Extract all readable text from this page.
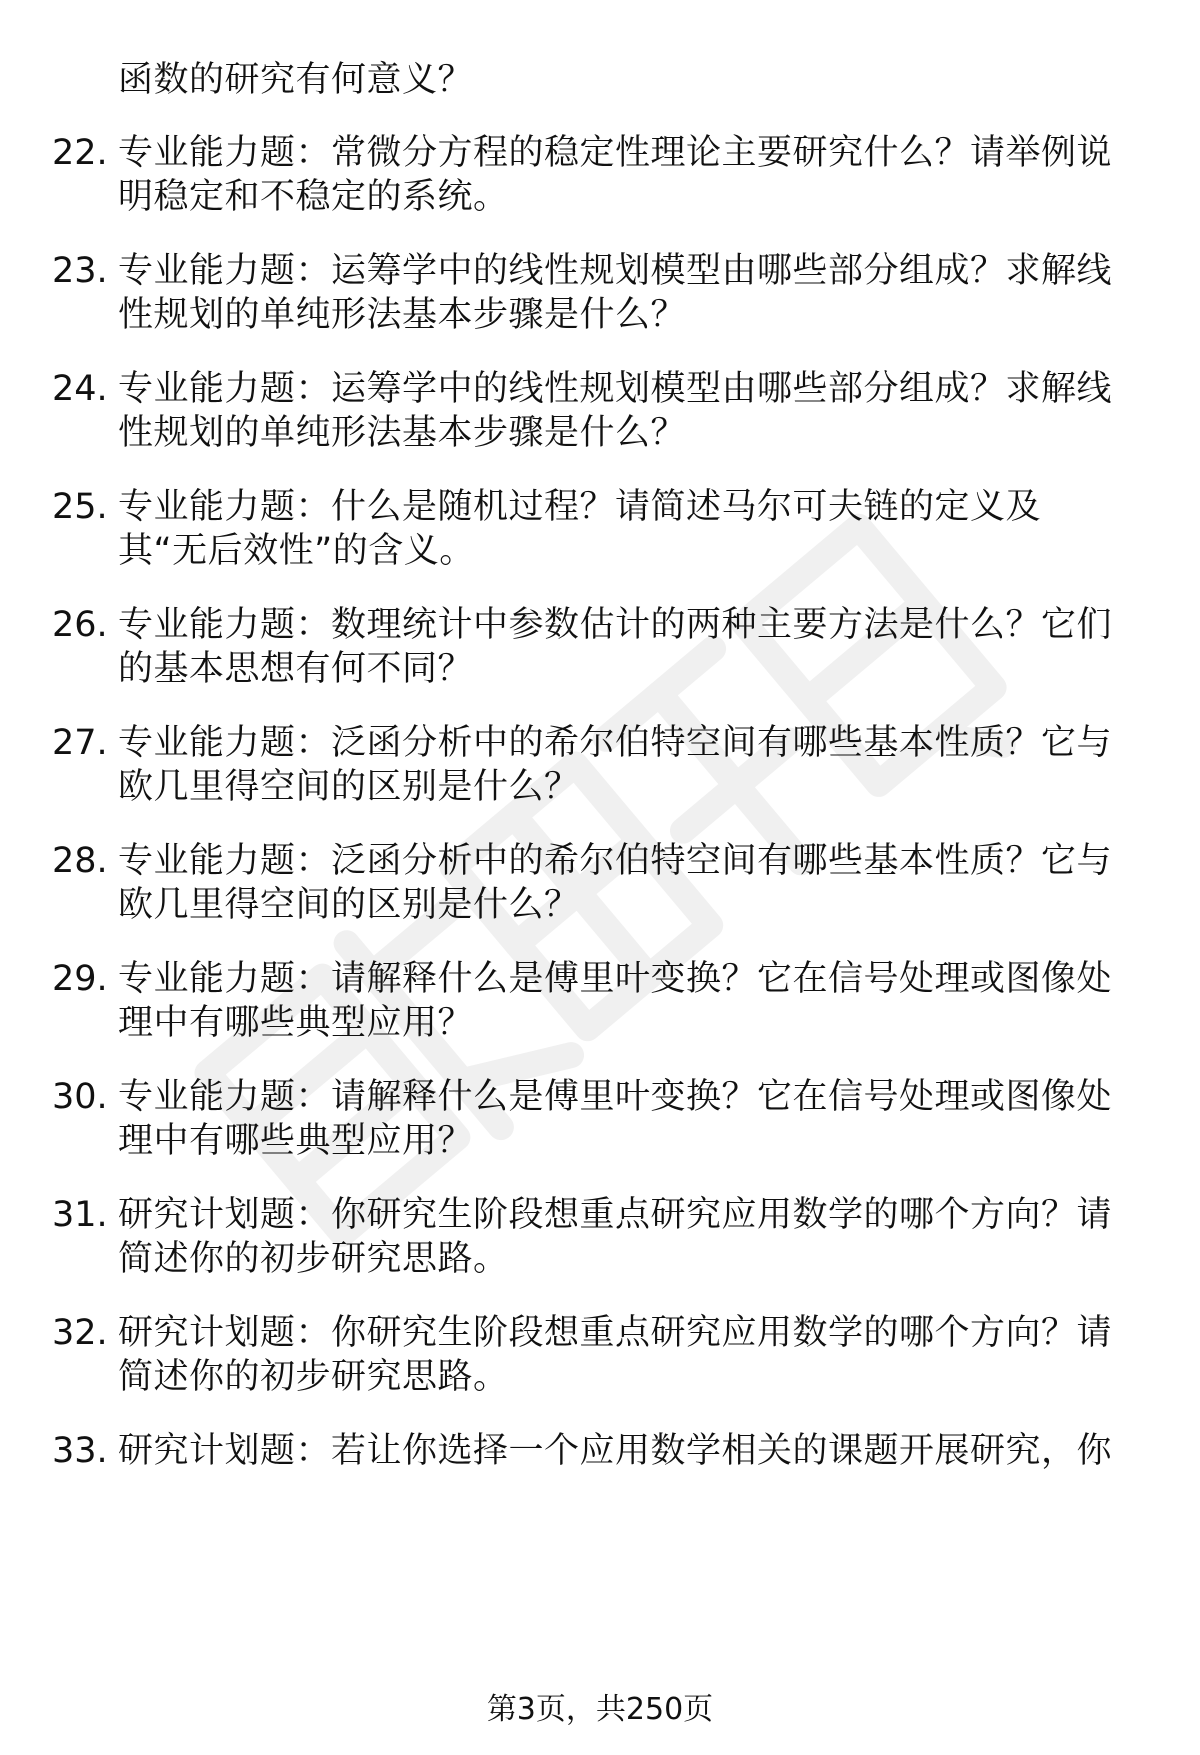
函数的研究有何意义？
22. 专业能力题：常微分方程的稳定性理论主要研究什么？请举例说
明稳定和不稳定的系统。
23. 专业能力题：运筹学中的线性规划模型由哪些部分组成？求解线
性规划的单纯形法基本步骤是什么？
24. 专业能力题：运筹学中的线性规划模型由哪些部分组成？求解线
性规划的单纯形法基本步骤是什么？
25. 专业能力题：什么是随机过程？请简述马尔可夫链的定义及
其“无后效性”的含义。
26. 专业能力题：数理统计中参数估计的两种主要方法是什么？它们
的基本思想有何不同？
27. 专业能力题：泛函分析中的希尔伯特空间有哪些基本性质？它与
欧几里得空间的区别是什么？
28. 专业能力题：泛函分析中的希尔伯特空间有哪些基本性质？它与
欧几里得空间的区别是什么？
29. 专业能力题：请解释什么是傅里叶变换？它在信号处理或图像处
理中有哪些典型应用？
30. 专业能力题：请解释什么是傅里叶变换？它在信号处理或图像处
理中有哪些典型应用？
31. 研究计划题：你研究生阶段想重点研究应用数学的哪个方向？请
简述你的初步研究思路。
32. 研究计划题：你研究生阶段想重点研究应用数学的哪个方向？请
简述你的初步研究思路。
33. 研究计划题：若让你选择一个应用数学相关的课题开展研究，你
第3页，共250页
